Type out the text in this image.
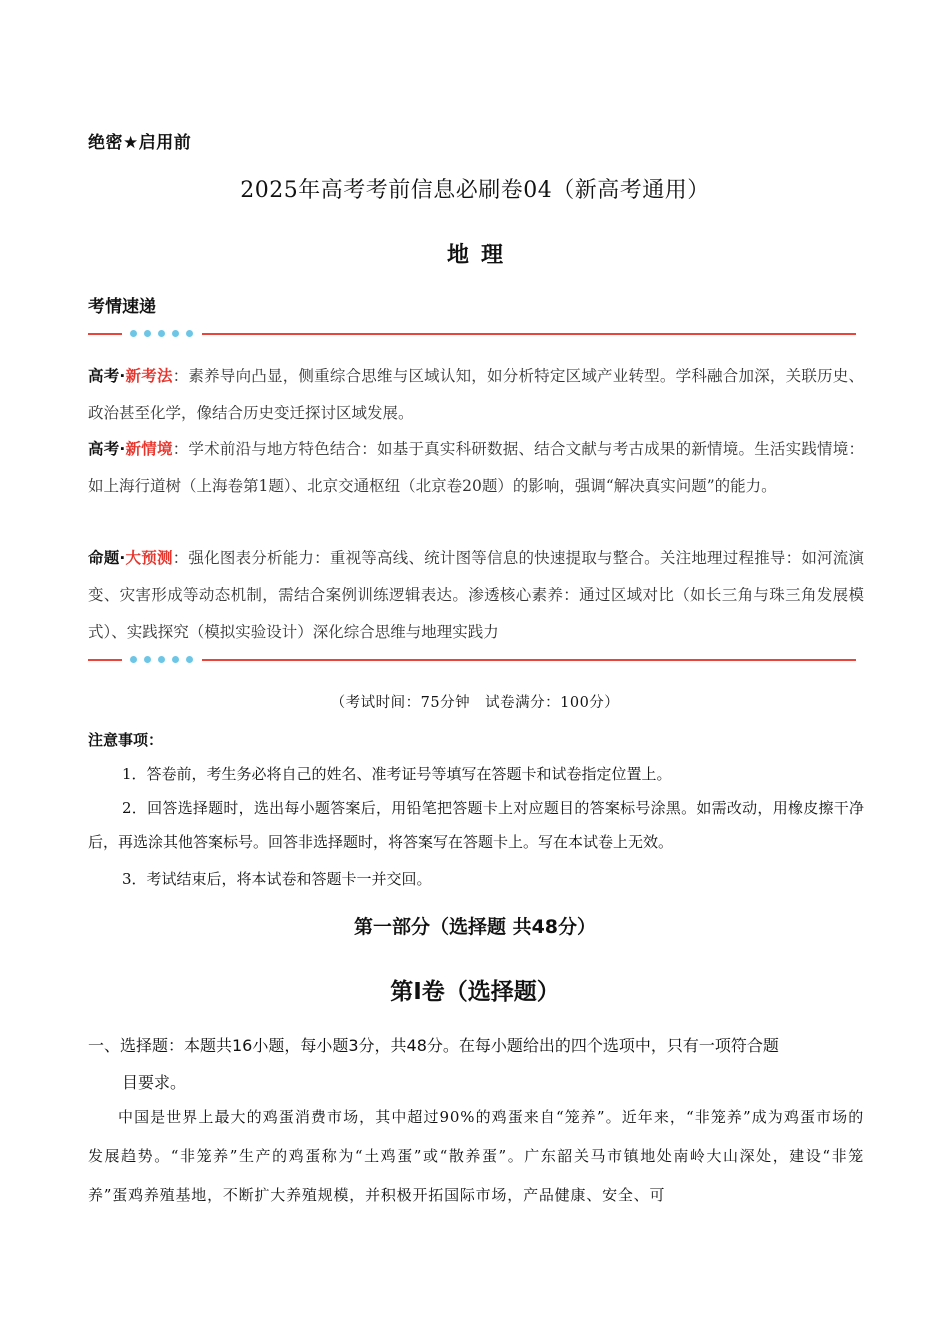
绝密★启用前
2025年高考考前信息必刷卷04（新高考通用）
地理
考情速递
高考·新考法：素养导向凸显，侧重综合思维与区域认知，如分析特定区域产业转型。学科融合加深，关联历史、政治甚至化学，像结合历史变迁探讨区域发展。
高考·新情境：学术前沿与地方特色结合：如基于真实科研数据、结合文献与考古成果的新情境。生活实践情境：如上海行道树（上海卷第1题）、北京交通枢纽（北京卷20题）的影响，强调“解决真实问题”的能力。
命题·大预测：强化图表分析能力：重视等高线、统计图等信息的快速提取与整合。关注地理过程推导：如河流演变、灾害形成等动态机制，需结合案例训练逻辑表达。渗透核心素养：通过区域对比（如长三角与珠三角发展模式）、实践探究（模拟实验设计）深化综合思维与地理实践力
（考试时间：75分钟　试卷满分：100分）
注意事项：
1．答卷前，考生务必将自己的姓名、准考证号等填写在答题卡和试卷指定位置上。
2．回答选择题时，选出每小题答案后，用铅笔把答题卡上对应题目的答案标号涂黑。如需改动，用橡皮擦干净后，再选涂其他答案标号。回答非选择题时，将答案写在答题卡上。写在本试卷上无效。
3．考试结束后，将本试卷和答题卡一并交回。
第一部分（选择题 共48分）
第Ⅰ卷（选择题）
一、选择题：本题共16小题，每小题3分，共48分。在每小题给出的四个选项中，只有一项符合题
目要求。
中国是世界上最大的鸡蛋消费市场，其中超过90%的鸡蛋来自“笼养”。近年来，“非笼养”成为鸡蛋市场的发展趋势。“非笼养”生产的鸡蛋称为“土鸡蛋”或“散养蛋”。广东韶关马市镇地处南岭大山深处，建设“非笼养”蛋鸡养殖基地，不断扩大养殖规模，并积极开拓国际市场，产品健康、安全、可
